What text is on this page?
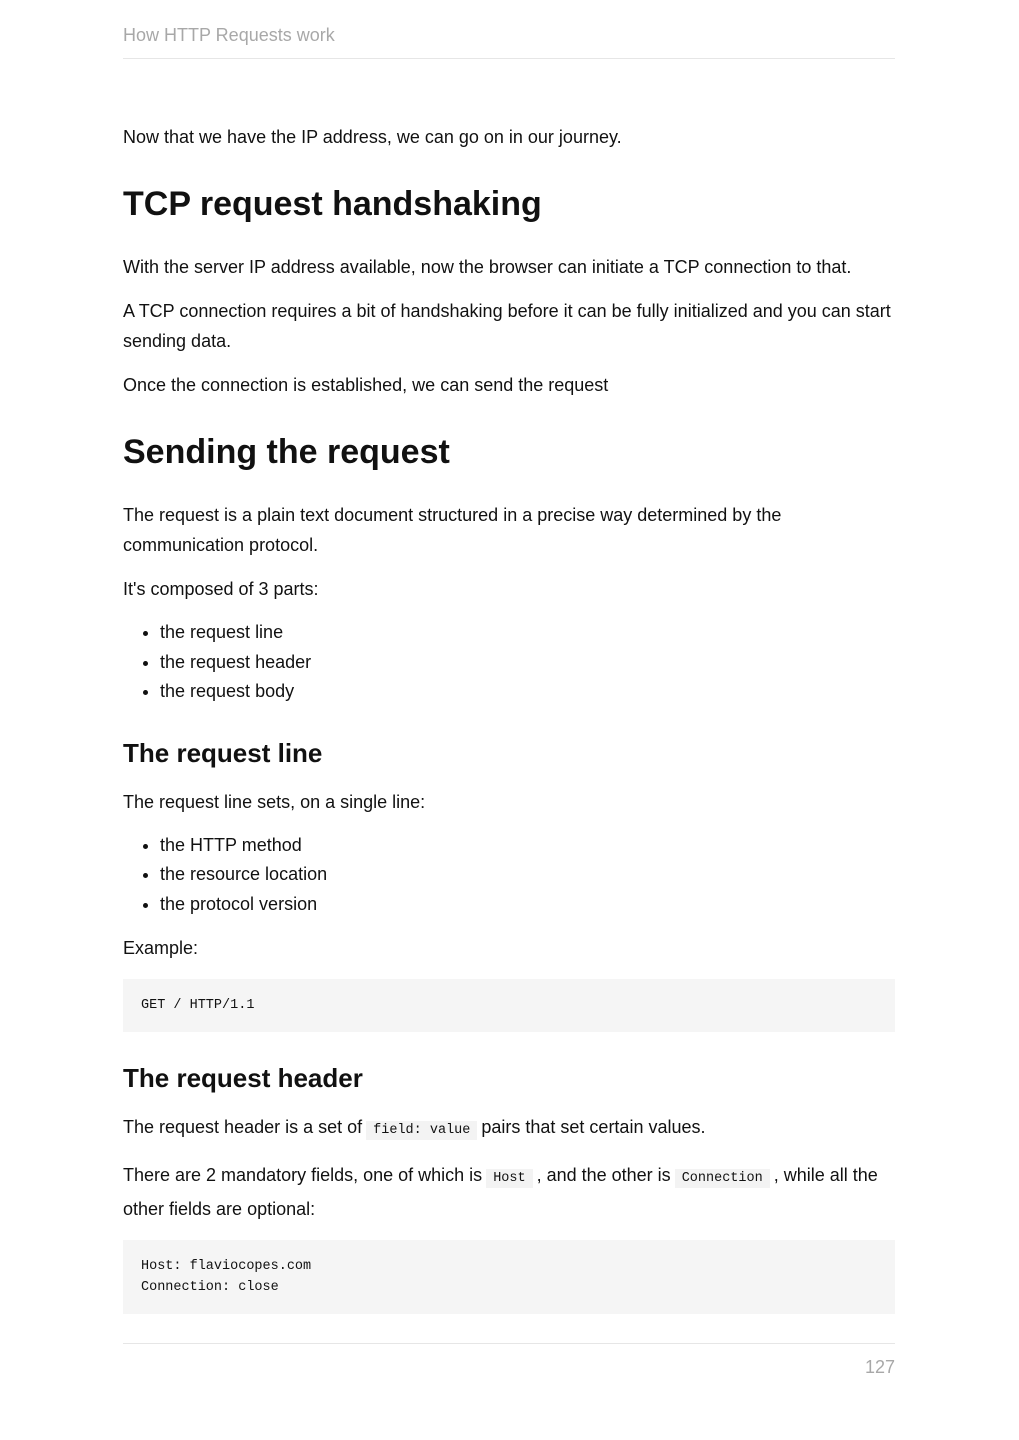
How HTTP Requests work

Now that we have the IP address, we can go on in our journey.

TCP request handshaking

With the server IP address available, now the browser can initiate a TCP connection to that.

A TCP connection requires a bit of handshaking before it can be fully initialized and you can start sending data.

Once the connection is established, we can send the request

Sending the request

The request is a plain text document structured in a precise way determined by the communication protocol.

It's composed of 3 parts:

• the request line
• the request header
• the request body
The request line

The request line sets, on a single line:

• the HTTP method
• the resource location
• the protocol version

Example:

GET / HTTP/1.1
The request header

The request header is a set of field: value pairs that set certain values.

There are 2 mandatory fields, one of which is Host , and the other is Connection , while all the other fields are optional:

Host: flaviocopes.com
Connection: close
127
